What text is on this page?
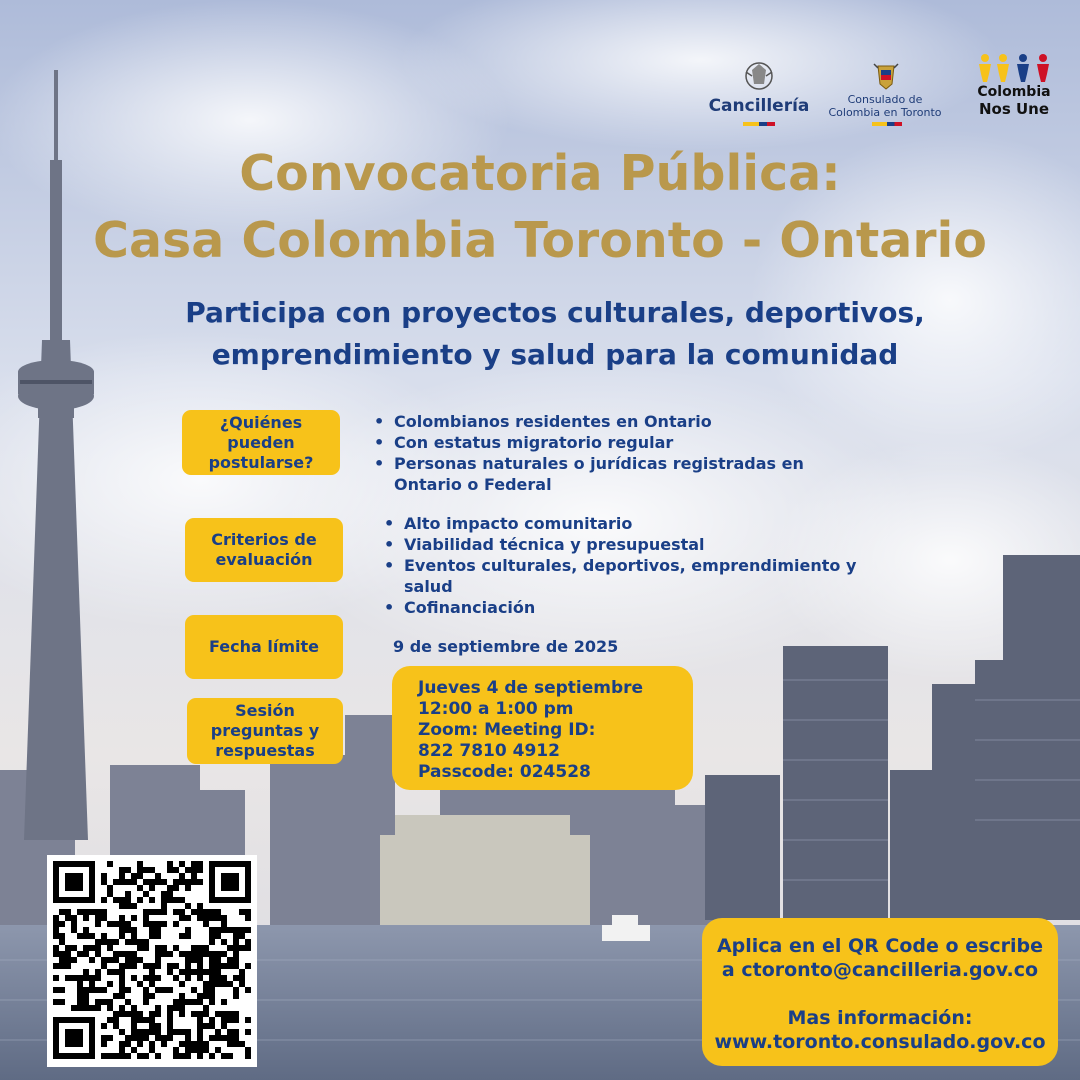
Cancillería	Consulado de
Colombia en Toronto
Colombia
Nos Une
Convocatoria Pública:
Casa Colombia Toronto - Ontario
Participa con proyectos culturales, deportivos,
emprendimiento y salud para la comunidad
¿Quiénes pueden postularse?
• Colombianos residentes en Ontario
• Con estatus migratorio regular
• Personas naturales o jurídicas registradas en Ontario o Federal
Criterios de evaluación
• Alto impacto comunitario
• Viabilidad técnica y presupuestal
• Eventos culturales, deportivos, emprendimiento y salud
• Cofinanciación
Fecha límite	9 de septiembre de 2025
Sesión preguntas y respuestas
Jueves 4 de septiembre
12:00 a 1:00 pm
Zoom: Meeting ID:
822 7810 4912
Passcode: 024528
Aplica en el QR Code o escribe
a ctoronto@cancilleria.gov.co
Mas información:
www.toronto.consulado.gov.co
